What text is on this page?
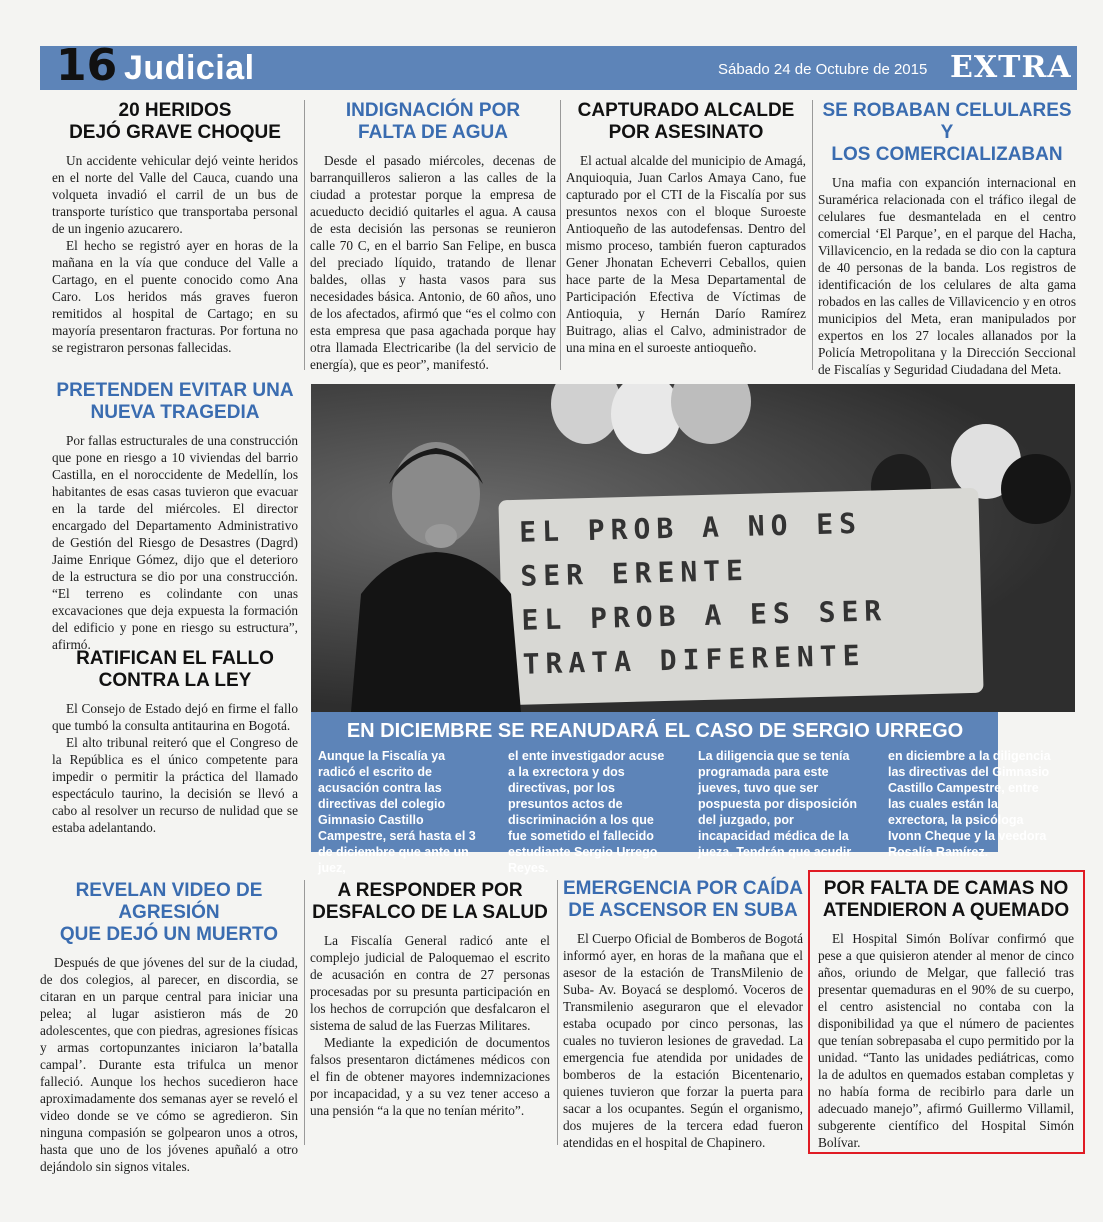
16 Judicial	Sábado 24 de Octubre de 2015 EXTRA
20 HERIDOS
DEJÓ GRAVE CHOQUE

Un accidente vehicular dejó veinte heridos en el norte del Valle del Cauca, cuando una volqueta invadió el carril de un bus de transporte turístico que transportaba personal de un ingenio azucarero.

El hecho se registró ayer en horas de la mañana en la vía que conduce del Valle a Cartago, en el puente conocido como Ana Caro. Los heridos más graves fueron remitidos al hospital de Cartago; en su mayoría presentaron fracturas. Por fortuna no se registraron personas fallecidas.

INDIGNACIÓN POR
FALTA DE AGUA

Desde el pasado miércoles, decenas de barranquilleros salieron a las calles de la ciudad a protestar porque la empresa de acueducto decidió quitarles el agua. A causa de esta decisión las personas se reunieron calle 70 C, en el barrio San Felipe, en busca del preciado líquido, tratando de llenar baldes, ollas y hasta vasos para sus necesidades básica. Antonio, de 60 años, uno de los afectados, afirmó que “es el colmo con esta empresa que pasa agachada porque hay otra llamada Electricaribe (la del servicio de energía), que es peor”, manifestó.

CAPTURADO ALCALDE
POR ASESINATO

El actual alcalde del municipio de Amagá, Anquioquia, Juan Carlos Amaya Cano, fue capturado por el CTI de la Fiscalía por sus presuntos nexos con el bloque Suroeste Antioqueño de las autodefensas. Dentro del mismo proceso, también fueron capturados Gener Jhonatan Echeverri Ceballos, quien hace parte de la Mesa Departamental de Participación Efectiva de Víctimas de Antioquia, y Hernán Darío Ramírez Buitrago, alias el Calvo, administrador de una mina en el suroeste antioqueño.

SE ROBABAN CELULARES Y
LOS COMERCIALIZABAN

Una mafia con expanción internacional en Suramérica relacionada con el tráfico ilegal de celulares fue desmantelada en el centro comercial ‘El Parque’, en el parque del Hacha, Villavicencio, en la redada se dio con la captura de 40 personas de la banda. Los registros de identificación de los celulares de alta gama robados en las calles de Villavicencio y en otros municipios del Meta, eran manipulados por expertos en los 27 locales allanados por la Policía Metropolitana y la Dirección Seccional de Fiscalías y Seguridad Ciudadana del Meta.

PRETENDEN EVITAR UNA
NUEVA TRAGEDIA

Por fallas estructurales de una construcción que pone en riesgo a 10 viviendas del barrio Castilla, en el noroccidente de Medellín, los habitantes de esas casas tuvieron que evacuar en la tarde del miércoles. El director encargado del Departamento Administrativo de Gestión del Riesgo de Desastres (Dagrd) Jaime Enrique Gómez, dijo que el deterioro de la estructura se dio por una construcción. “El terreno es colindante con unas excavaciones que deja expuesta la formación del edificio y pone en riesgo su estructura”, afirmó.

RATIFICAN EL FALLO
CONTRA LA LEY

El Consejo de Estado dejó en firme el fallo que tumbó la consulta antitaurina en Bogotá.

El alto tribunal reiteró que el Congreso de la República es el único competente para impedir o permitir la práctica del llamado espectáculo taurino, la decisión se llevó a cabo al resolver un recurso de nulidad que se estaba adelantando.

EL PROB A NO ES
SER ERENTE
EL PROB A ES SER
TRATA DIFERENTE
EN DICIEMBRE SE REANUDARÁ EL CASO DE SERGIO URREGO
Aunque la Fiscalía ya radicó el escrito de acusación contra las directivas del colegio Gimnasio Castillo Campestre, será hasta el 3 de diciembre que ante un juez,
el ente investigador acuse a la exrectora y dos directivas, por los presuntos actos de discriminación a los que fue sometido el fallecido estudiante Sergio Urrego Reyes.
La diligencia que se tenía programada para este jueves, tuvo que ser pospuesta por disposición del juzgado, por incapacidad médica de la jueza. Tendrán que acudir
en diciembre a la diligencia las directivas del Gimnasio Castillo Campestre, entre las cuales están la exrectora, la psicóloga Ivonn Cheque y la veedora Rosalía Ramírez.
REVELAN VIDEO DE AGRESIÓN
QUE DEJÓ UN MUERTO

Después de que jóvenes del sur de la ciudad, de dos colegios, al parecer, en discordia, se citaran en un parque central para iniciar una pelea; al lugar asistieron más de 20 adolescentes, que con piedras, agresiones físicas y armas cortopunzantes iniciaron la’batalla campal’. Durante esta trifulca un menor falleció. Aunque los hechos sucedieron hace aproximadamente dos semanas ayer se reveló el video donde se ve cómo se agredieron. Sin ninguna compasión se golpearon unos a otros, hasta que uno de los jóvenes apuñaló a otro dejándolo sin signos vitales.

A RESPONDER POR
DESFALCO DE LA SALUD

La Fiscalía General radicó ante el complejo judicial de Paloquemao el escrito de acusación en contra de 27 personas procesadas por su presunta participación en los hechos de corrupción que desfalcaron el sistema de salud de las Fuerzas Militares.

Mediante la expedición de documentos falsos presentaron dictámenes médicos con el fin de obtener mayores indemnizaciones por incapacidad, y a su vez tener acceso a una pensión “a la que no tenían mérito”.

EMERGENCIA POR CAÍDA
DE ASCENSOR EN SUBA

El Cuerpo Oficial de Bomberos de Bogotá informó ayer, en horas de la mañana que el asesor de la estación de TransMilenio de Suba- Av. Boyacá se desplomó. Voceros de Transmilenio aseguraron que el elevador estaba ocupado por cinco personas, las cuales no tuvieron lesiones de gravedad. La emergencia fue atendida por unidades de bomberos de la estación Bicentenario, quienes tuvieron que forzar la puerta para sacar a los ocupantes. Según el organismo, dos mujeres de la tercera edad fueron atendidas en el hospital de Chapinero.

POR FALTA DE CAMAS NO
ATENDIERON A QUEMADO

El Hospital Simón Bolívar confirmó que pese a que quisieron atender al menor de cinco años, oriundo de Melgar, que falleció tras presentar quemaduras en el 90% de su cuerpo, el centro asistencial no contaba con la disponibilidad ya que el número de pacientes que tenían sobrepasaba el cupo permitido por la unidad. “Tanto las unidades pediátricas, como la de adultos en quemados estaban completas y no había forma de recibirlo para darle un adecuado manejo”, afirmó Guillermo Villamil, subgerente científico del Hospital Simón Bolívar.
